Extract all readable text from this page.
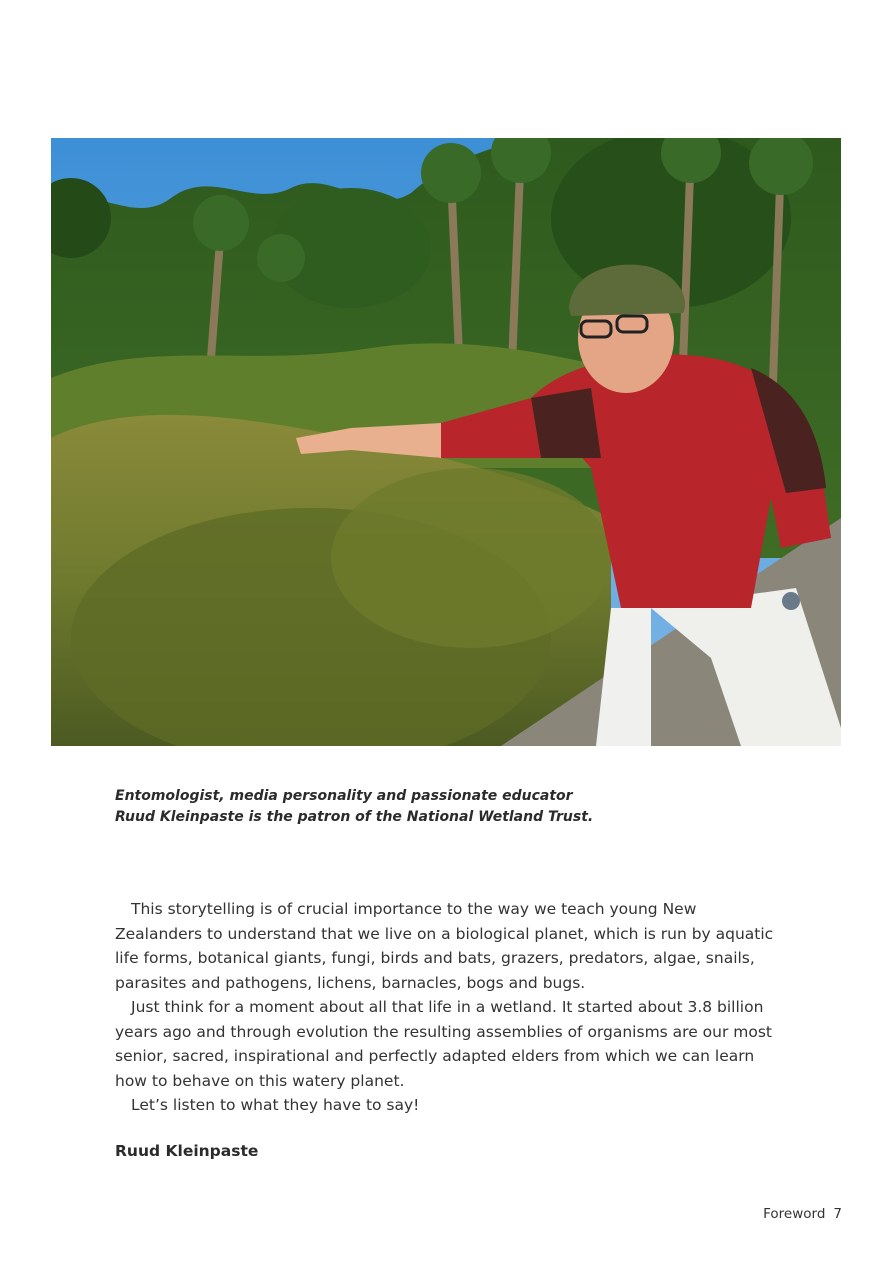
Entomologist, media personality and passionate educator
Ruud Kleinpaste is the patron of the National Wetland Trust.

This storytelling is of crucial importance to the way we teach young New Zealanders to understand that we live on a biological planet, which is run by aquatic life forms, botanical giants, fungi, birds and bats, grazers, predators, algae, snails, parasites and pathogens, lichens, barnacles, bogs and bugs.

Just think for a moment about all that life in a wetland. It started about 3.8 billion years ago and through evolution the resulting assemblies of organisms are our most senior, sacred, inspirational and perfectly adapted elders from which we can learn how to behave on this watery planet.

Let’s listen to what they have to say!

Ruud Kleinpaste
Foreword 7
